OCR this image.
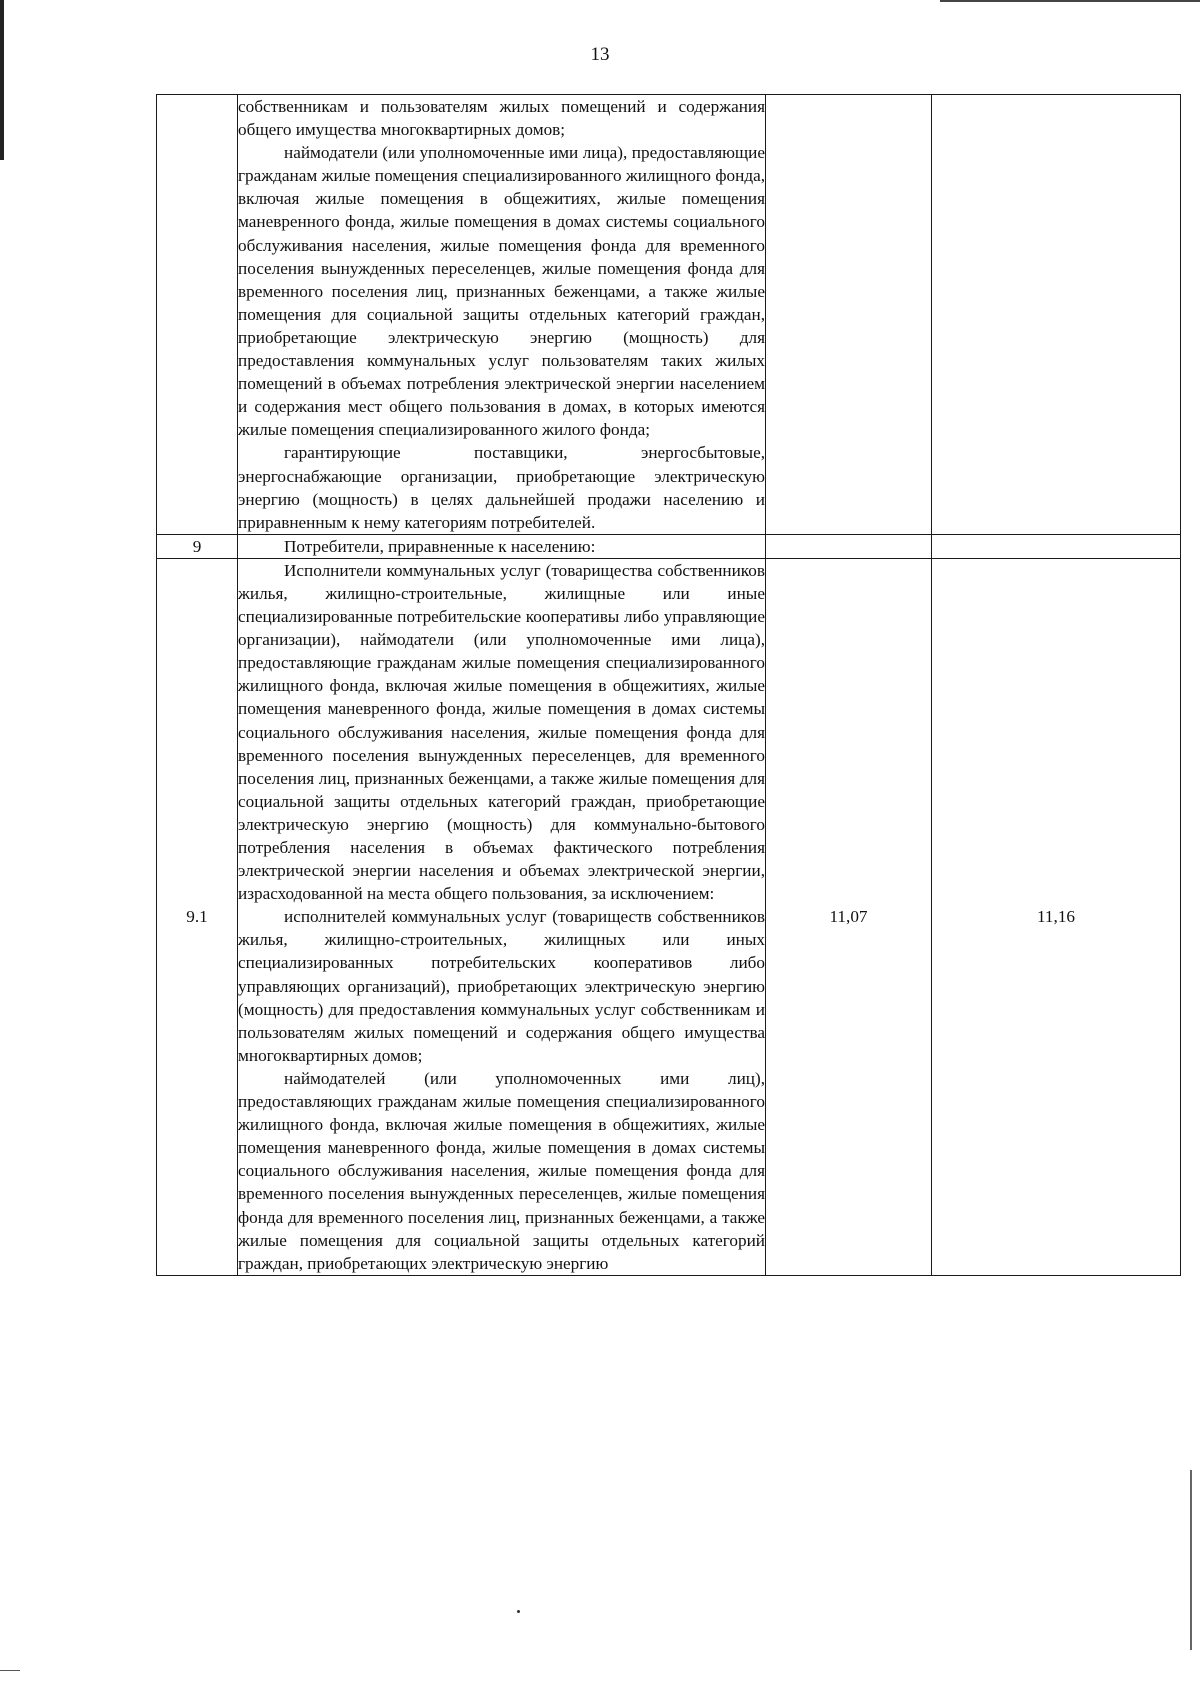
13

	собственникам и пользователям жилых помещений и содержания общего имущества многоквартирных домов;

наймодатели (или уполномоченные ими лица), предоставляющие гражданам жилые помещения специализированного жилищного фонда, включая жилые помещения в общежитиях, жилые помещения маневренного фонда, жилые помещения в домах системы социального обслуживания населения, жилые помещения фонда для временного поселения вынужденных переселенцев, жилые помещения фонда для временного поселения лиц, признанных беженцами, а также жилые помещения для социальной защиты отдельных категорий граждан, приобретающие электрическую энергию (мощность) для предоставления коммунальных услуг пользователям таких жилых помещений в объемах потребления электрической энергии населением и содержания мест общего пользования в домах, в которых имеются жилые помещения специализированного жилого фонда;

гарантирующие поставщики, энергосбытовые, энергоснабжающие организации, приобретающие электрическую энергию (мощность) в целях дальнейшей продажи населению и приравненным к нему категориям потребителей.		

9	Потребители, приравненные к населению:		
9.1	Исполнители коммунальных услуг (товарищества собственников жилья, жилищно-строительные, жилищные или иные специализированные потребительские кооперативы либо управляющие организации), наймодатели (или уполномоченные ими лица), предоставляющие гражданам жилые помещения специализированного жилищного фонда, включая жилые помещения в общежитиях, жилые помещения маневренного фонда, жилые помещения в домах системы социального обслуживания населения, жилые помещения фонда для временного поселения вынужденных переселенцев, для временного поселения лиц, признанных беженцами, а также жилые помещения для социальной защиты отдельных категорий граждан, приобретающие электрическую энергию (мощность) для коммунально-бытового потребления населения в объемах фактического потребления электрической энергии населения и объемах электрической энергии, израсходованной на места общего пользования, за исключением:

исполнителей коммунальных услуг (товариществ собственников жилья, жилищно-строительных, жилищных или иных специализированных потребительских кооперативов либо управляющих организаций), приобретающих электрическую энергию (мощность) для предоставления коммунальных услуг собственникам и пользователям жилых помещений и содержания общего имущества многоквартирных домов;

наймодателей (или уполномоченных ими лиц), предоставляющих гражданам жилые помещения специализированного жилищного фонда, включая жилые помещения в общежитиях, жилые помещения маневренного фонда, жилые помещения в домах системы социального обслуживания населения, жилые помещения фонда для временного поселения вынужденных переселенцев, жилые помещения фонда для временного поселения лиц, признанных беженцами, а также жилые помещения для социальной защиты отдельных категорий граждан, приобретающих электрическую энергию	11,07	11,16
